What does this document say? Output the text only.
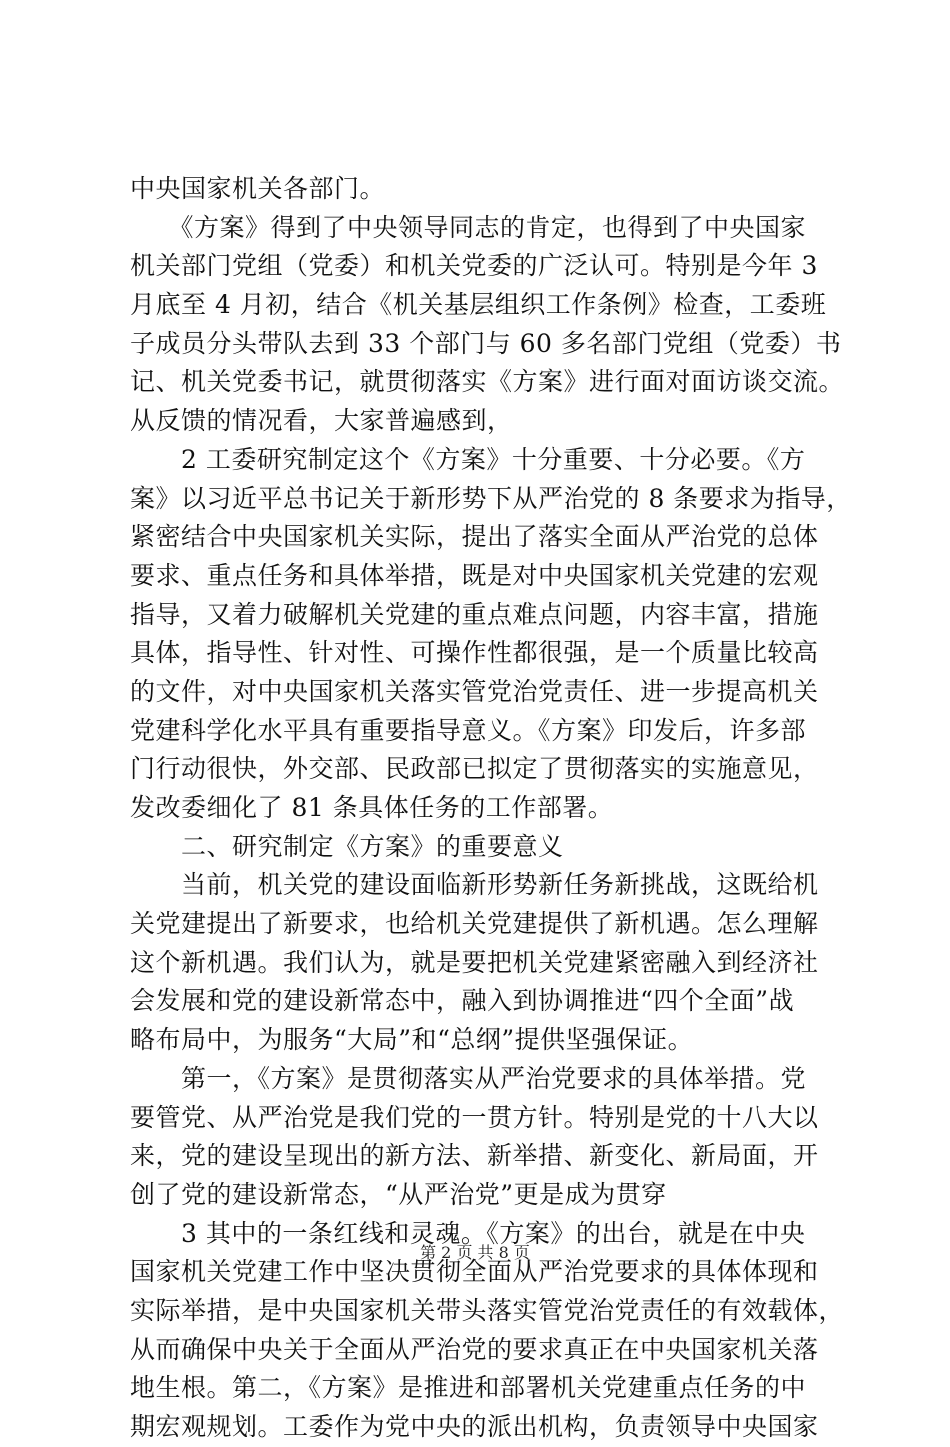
中央国家机关各部门。
　　《方案》得到了中央领导同志的肯定，也得到了中央国家
机关部门党组（党委）和机关党委的广泛认可。特别是今年 3
月底至 4 月初，结合《机关基层组织工作条例》检查，工委班
子成员分头带队去到 33 个部门与 60 多名部门党组（党委）书
记、机关党委书记，就贯彻落实《方案》进行面对面访谈交流。
从反馈的情况看，大家普遍感到，
　　2 工委研究制定这个《方案》十分重要、十分必要。《方
案》以习近平总书记关于新形势下从严治党的 8 条要求为指导，
紧密结合中央国家机关实际，提出了落实全面从严治党的总体
要求、重点任务和具体举措，既是对中央国家机关党建的宏观
指导，又着力破解机关党建的重点难点问题，内容丰富，措施
具体，指导性、针对性、可操作性都很强，是一个质量比较高
的文件，对中央国家机关落实管党治党责任、进一步提高机关
党建科学化水平具有重要指导意义。《方案》印发后，许多部
门行动很快，外交部、民政部已拟定了贯彻落实的实施意见，
发改委细化了 81 条具体任务的工作部署。
　　二、研究制定《方案》的重要意义
　　当前，机关党的建设面临新形势新任务新挑战，这既给机
关党建提出了新要求，也给机关党建提供了新机遇。怎么理解
这个新机遇。我们认为，就是要把机关党建紧密融入到经济社
会发展和党的建设新常态中，融入到协调推进“四个全面”战
略布局中，为服务“大局”和“总纲”提供坚强保证。
　　第一，《方案》是贯彻落实从严治党要求的具体举措。党
要管党、从严治党是我们党的一贯方针。特别是党的十八大以
来，党的建设呈现出的新方法、新举措、新变化、新局面，开
创了党的建设新常态，“从严治党”更是成为贯穿
　　3 其中的一条红线和灵魂。《方案》的出台，就是在中央
国家机关党建工作中坚决贯彻全面从严治党要求的具体体现和
实际举措，是中央国家机关带头落实管党治党责任的有效载体，
从而确保中央关于全面从严治党的要求真正在中央国家机关落
地生根。第二，《方案》是推进和部署机关党建重点任务的中
期宏观规划。工委作为党中央的派出机构，负责领导中央国家
第 2 页 共 8 页
